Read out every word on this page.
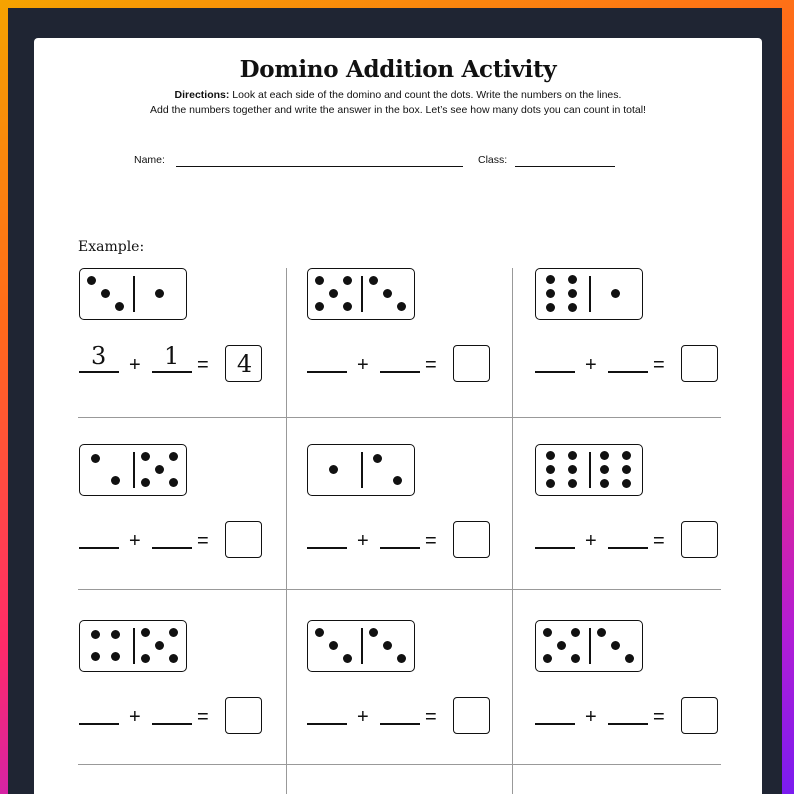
Domino Addition Activity
Directions: Look at each side of the domino and count the dots. Write the numbers on the lines.
Add the numbers together and write the answer in the box. Let’s see how many dots you can count in total!
Name:	Class:
Example:
+	=	4
3 1	+	=	+	=
+	=	+	=	+	=
+	=	+	=	+	=
